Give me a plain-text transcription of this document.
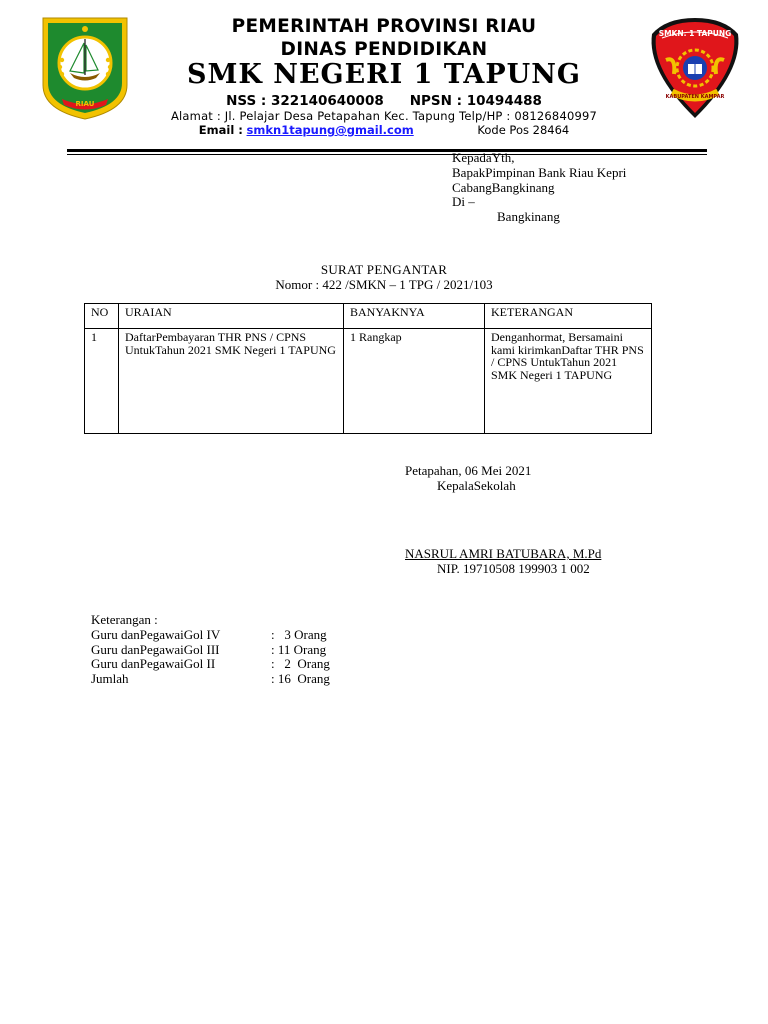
RIAU
SMKN. 1 TAPUNG
KABUPATEN KAMPAR
PEMERINTAH PROVINSI RIAU
DINAS PENDIDIKAN
SMK NEGERI 1 TAPUNG
NSS : 322140640008 NPSN : 10494488
Alamat : Jl. Pelajar Desa Petapahan Kec. Tapung Telp/HP : 08126840997
Email : smkn1tapung@gmail.com	Kode Pos 28464
KepadaYth,
BapakPimpinan Bank Riau Kepri
CabangBangkinang
Di –
Bangkinang
SURAT PENGANTAR
Nomor : 422 /SMKN – 1 TPG / 2021/103
NO	URAIAN	BANYAKNYA	KETERANGAN
1	DaftarPembayaran THR PNS / CPNS UntukTahun 2021 SMK Negeri 1 TAPUNG	1 Rangkap	Denganhormat, Bersamaini kami kirimkanDaftar THR PNS / CPNS UntukTahun 2021 SMK Negeri 1 TAPUNG
Petapahan, 06 Mei 2021
KepalaSekolah
NASRUL AMRI BATUBARA, M.Pd
NIP. 19710508 199903 1 002
Keterangan :
Guru danPegawaiGol IV	:   3 Orang
Guru danPegawaiGol III	: 11 Orang
Guru danPegawaiGol II	:   2  Orang
Jumlah	: 16  Orang
